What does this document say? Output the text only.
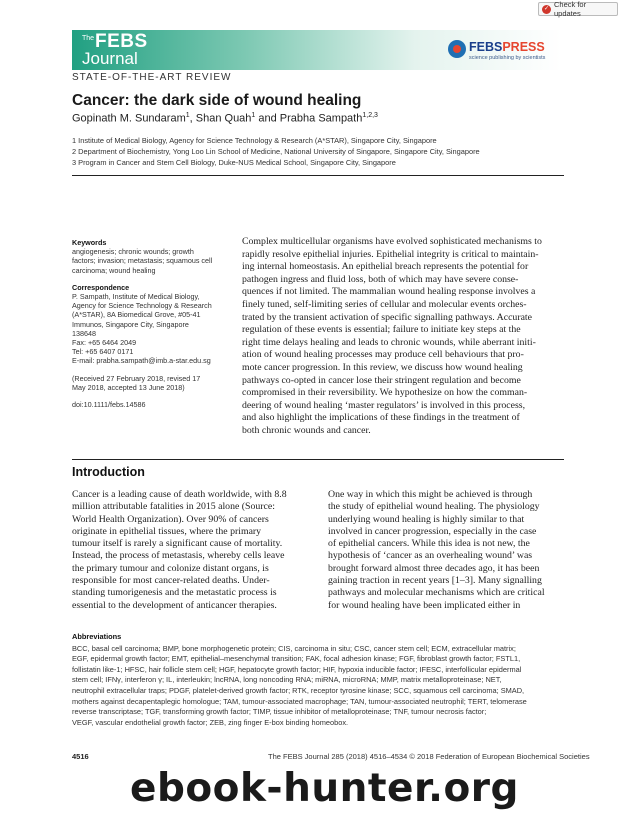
✓ Check for updates
The FEBS
Journal
FEBSPRESS
science publishing by scientists
STATE-OF-THE-ART REVIEW
Cancer: the dark side of wound healing
Gopinath M. Sundaram$^1$, Shan Quah$^1$ and Prabha Sampath$^{1,2,3}$
1 Institute of Medical Biology, Agency for Science Technology & Research (A*STAR), Singapore City, Singapore
2 Department of Biochemistry, Yong Loo Lin School of Medicine, National University of Singapore, Singapore City, Singapore
3 Program in Cancer and Stem Cell Biology, Duke-NUS Medical School, Singapore City, Singapore
Keywords
angiogenesis; chronic wounds; growth
factors; invasion; metastasis; squamous cell
carcinoma; wound healing
Correspondence
P. Sampath, Institute of Medical Biology,
Agency for Science Technology & Research
(A*STAR), 8A Biomedical Grove, #05-41
Immunos, Singapore City, Singapore
138648
Fax: +65 6464 2049
Tel: +65 6407 0171
E-mail: prabha.sampath@imb.a-star.edu.sg
(Received 27 February 2018, revised 17
May 2018, accepted 13 June 2018)
doi:10.1111/febs.14586
Complex multicellular organisms have evolved sophisticated mechanisms to
rapidly resolve epithelial injuries. Epithelial integrity is critical to maintain-
ing internal homeostasis. An epithelial breach represents the potential for
pathogen ingress and fluid loss, both of which may have severe conse-
quences if not limited. The mammalian wound healing response involves a
finely tuned, self-limiting series of cellular and molecular events orches-
trated by the transient activation of specific signalling pathways. Accurate
regulation of these events is essential; failure to initiate key steps at the
right time delays healing and leads to chronic wounds, while aberrant initi-
ation of wound healing processes may produce cell behaviours that pro-
mote cancer progression. In this review, we discuss how wound healing
pathways co-opted in cancer lose their stringent regulation and become
compromised in their reversibility. We hypothesize on how the comman-
deering of wound healing ‘master regulators’ is involved in this process,
and also highlight the implications of these findings in the treatment of
both chronic wounds and cancer.
Introduction
Cancer is a leading cause of death worldwide, with 8.8
million attributable fatalities in 2015 alone (Source:
World Health Organization). Over 90% of cancers
originate in epithelial tissues, where the primary
tumour itself is rarely a significant cause of mortality.
Instead, the process of metastasis, whereby cells leave
the primary tumour and colonize distant organs, is
responsible for most cancer-related deaths. Under-
standing tumorigenesis and the metastatic process is
essential to the development of anticancer therapies.
One way in which this might be achieved is through
the study of epithelial wound healing. The physiology
underlying wound healing is highly similar to that
involved in cancer progression, especially in the case
of epithelial cancers. While this idea is not new, the
hypothesis of ‘cancer as an overhealing wound’ was
brought forward almost three decades ago, it has been
gaining traction in recent years [1–3]. Many signalling
pathways and molecular mechanisms which are critical
for wound healing have been implicated either in
Abbreviations
BCC, basal cell carcinoma; BMP, bone morphogenetic protein; CIS, carcinoma in situ; CSC, cancer stem cell; ECM, extracellular matrix;
EGF, epidermal growth factor; EMT, epithelial–mesenchymal transition; FAK, focal adhesion kinase; FGF, fibroblast growth factor; FSTL1,
follistatin like-1; HFSC, hair follicle stem cell; HGF, hepatocyte growth factor; HIF, hypoxia inducible factor; IFESC, interfollicular epidermal
stem cell; IFNγ, interferon γ; IL, interleukin; lncRNA, long noncoding RNA; miRNA, microRNA; MMP, matrix metalloproteinase; NET,
neutrophil extracellular traps; PDGF, platelet-derived growth factor; RTK, receptor tyrosine kinase; SCC, squamous cell carcinoma; SMAD,
mothers against decapentaplegic homologue; TAM, tumour-associated macrophage; TAN, tumour-associated neutrophil; TERT, telomerase
reverse transcriptase; TGF, transforming growth factor; TIMP, tissue inhibitor of metalloproteinase; TNF, tumour necrosis factor;
VEGF, vascular endothelial growth factor; ZEB, zing finger E-box binding homeobox.
4516	The FEBS Journal 285 (2018) 4516–4534 © 2018 Federation of European Biochemical Societies
ebook-hunter.org
